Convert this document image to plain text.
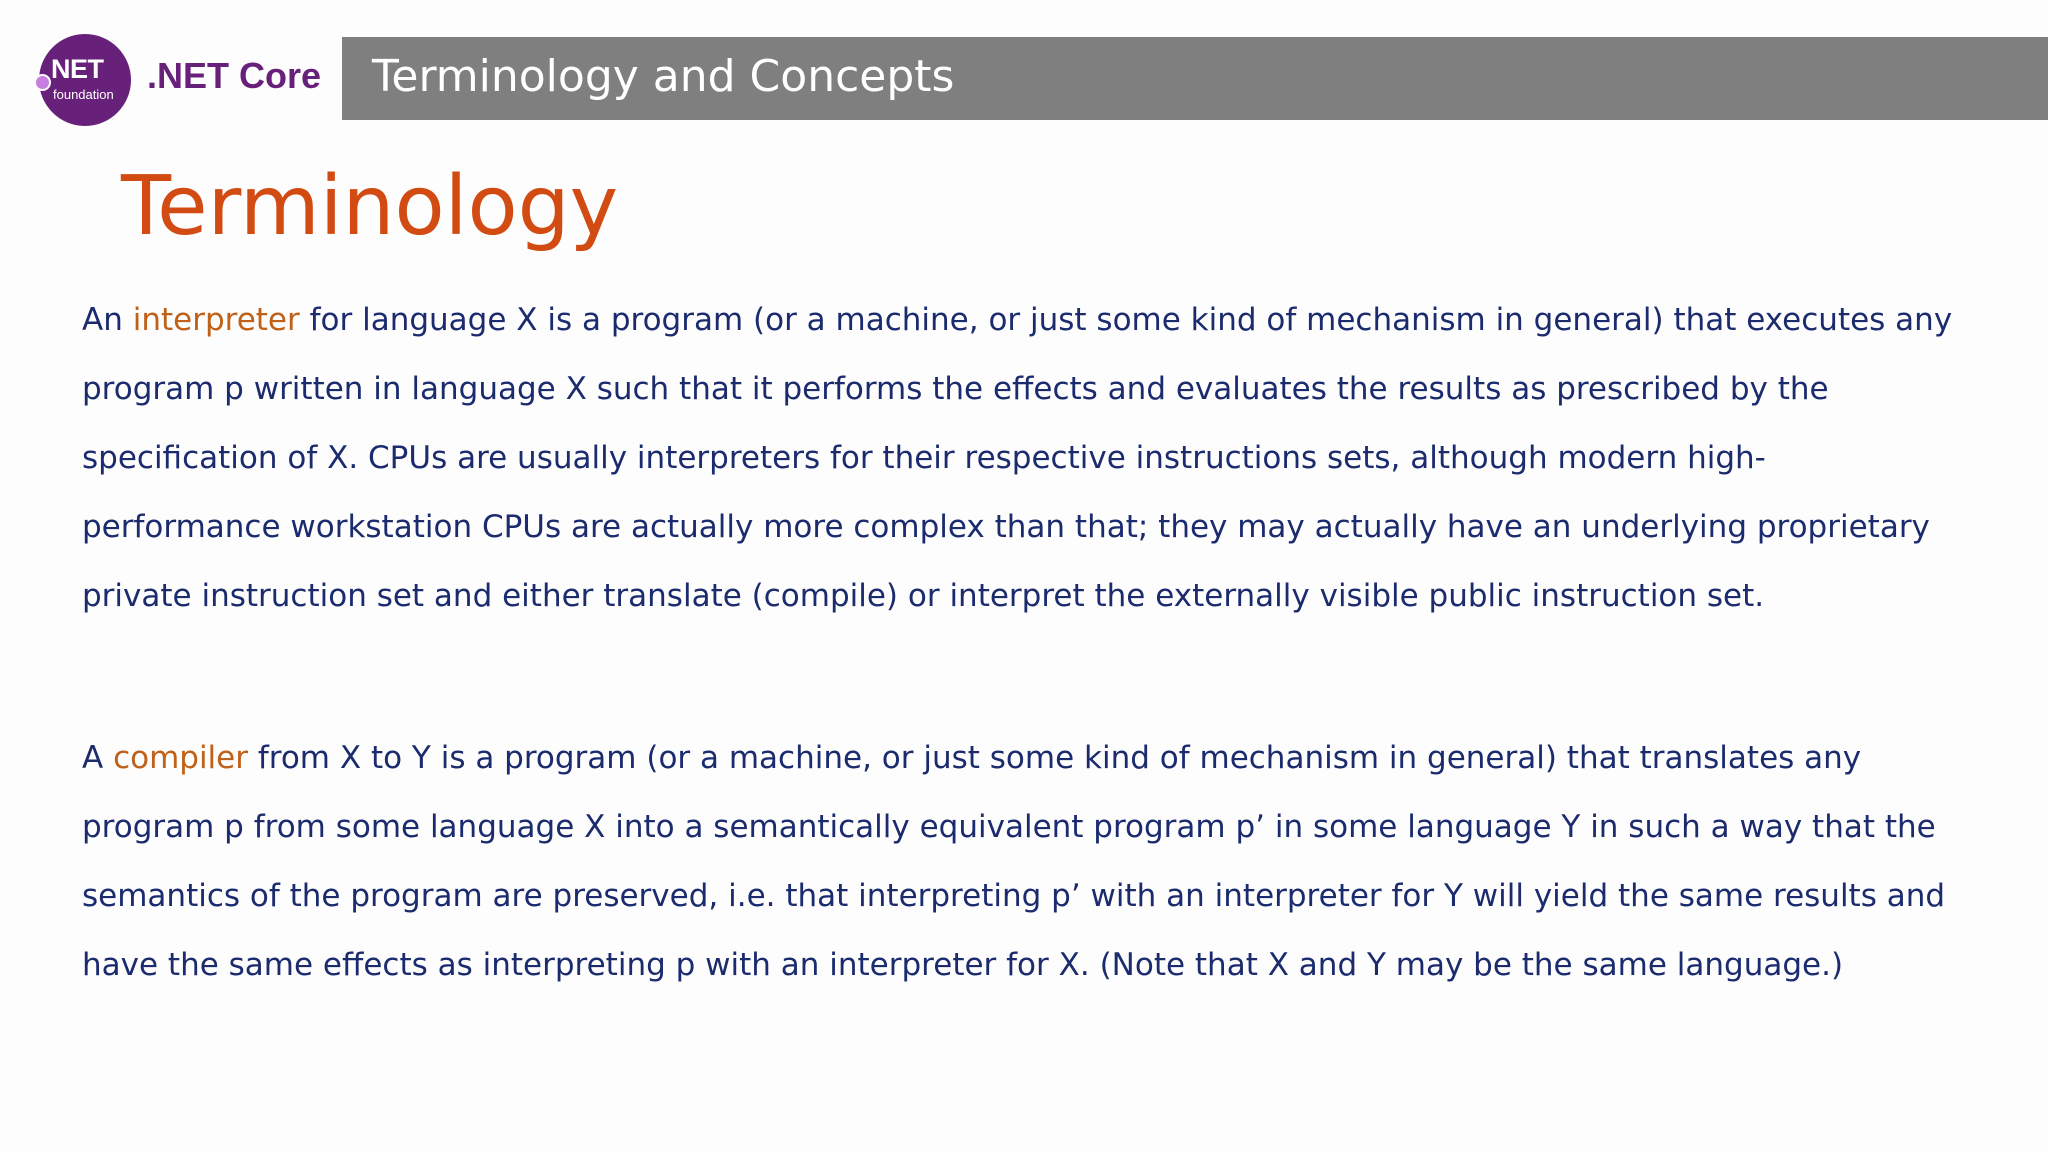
NET
foundation .NET Core Terminology and Concepts
Terminology

An interpreter for language X is a program (or a machine, or just some kind of mechanism in general) that executes any
program p written in language X such that it performs the effects and evaluates the results as prescribed by the
specification of X. CPUs are usually interpreters for their respective instructions sets, although modern high-
performance workstation CPUs are actually more complex than that; they may actually have an underlying proprietary
private instruction set and either translate (compile) or interpret the externally visible public instruction set.

A compiler from X to Y is a program (or a machine, or just some kind of mechanism in general) that translates any
program p from some language X into a semantically equivalent program p’ in some language Y in such a way that the
semantics of the program are preserved, i.e. that interpreting p’ with an interpreter for Y will yield the same results and
have the same effects as interpreting p with an interpreter for X. (Note that X and Y may be the same language.)
